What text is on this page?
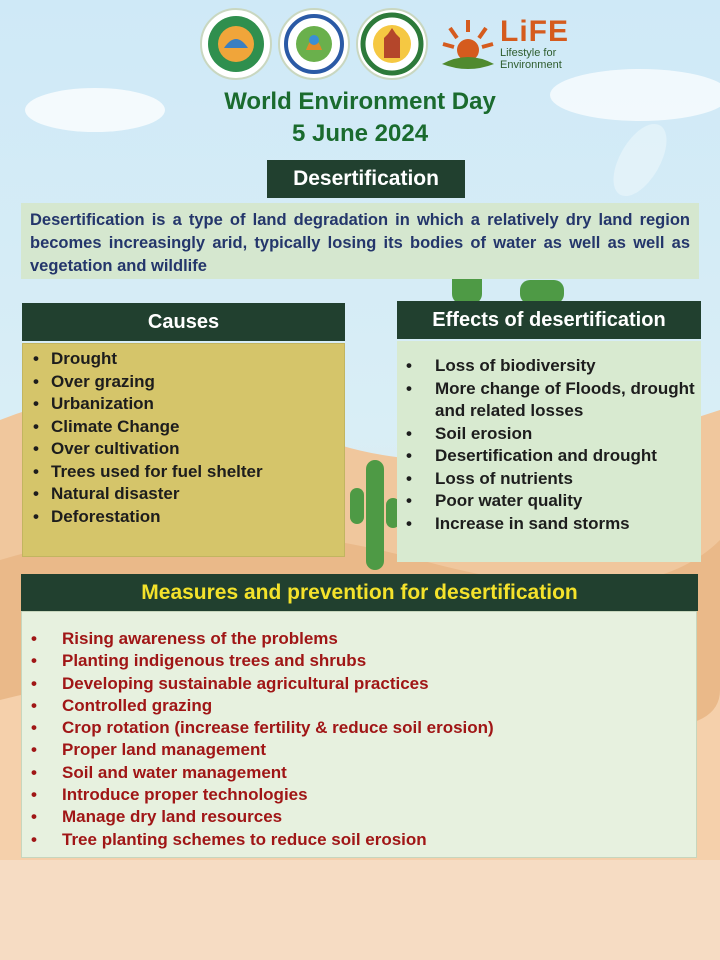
LiFE
Lifestyle for
Environment
World Environment Day
5 June 2024
Desertification
Desertification is a type of land degradation in which a relatively dry land region becomes increasingly arid, typically losing its bodies of water as well as well as vegetation and wildlife
Causes
• Drought
• Over grazing
• Urbanization
• Climate Change
• Over cultivation
• Trees used for fuel shelter
• Natural disaster
• Deforestation
Effects of desertification
• Loss of biodiversity
• More change of Floods, drought and related losses
• Soil erosion
• Desertification and drought
• Loss of nutrients
• Poor water quality
• Increase in sand storms
Measures and prevention for desertification
• Rising awareness of the problems
• Planting indigenous trees and shrubs
• Developing sustainable agricultural practices
• Controlled grazing
• Crop rotation (increase fertility & reduce soil erosion)
• Proper land management
• Soil and water management
• Introduce proper technologies
• Manage dry land resources
• Tree planting schemes to reduce soil erosion
